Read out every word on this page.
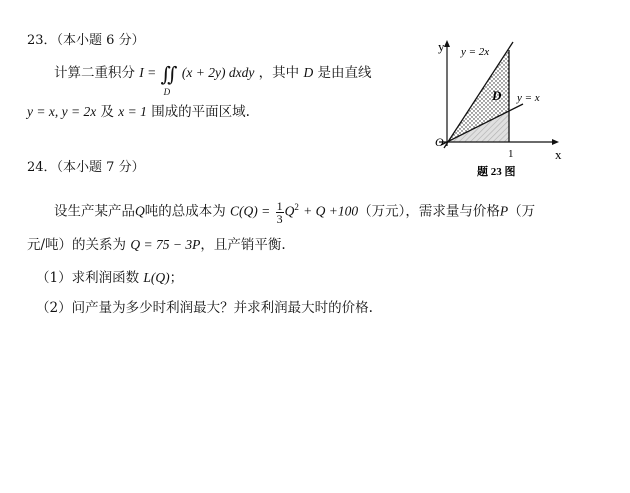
23．（本小题 6 分）
计算二重积分 I = ∬
D
(x + 2y) dxdy ，其中 D 是由直线
y = x, y = 2x 及 x = 1 围成的平面区域.
y
x
y = 2x
y = x
D
O
1
题 23 图
24．（本小题 7 分）
设生产某产品Q吨的总成本为 $C(Q) = \frac{1}{3} Q^2 + Q +100$（万元），需求量与价格P（万
元/吨）的关系为 Q = 75 − 3P，且产销平衡.
（1）求利润函数 L(Q)；
（2）问产量为多少时利润最大？并求利润最大时的价格.
